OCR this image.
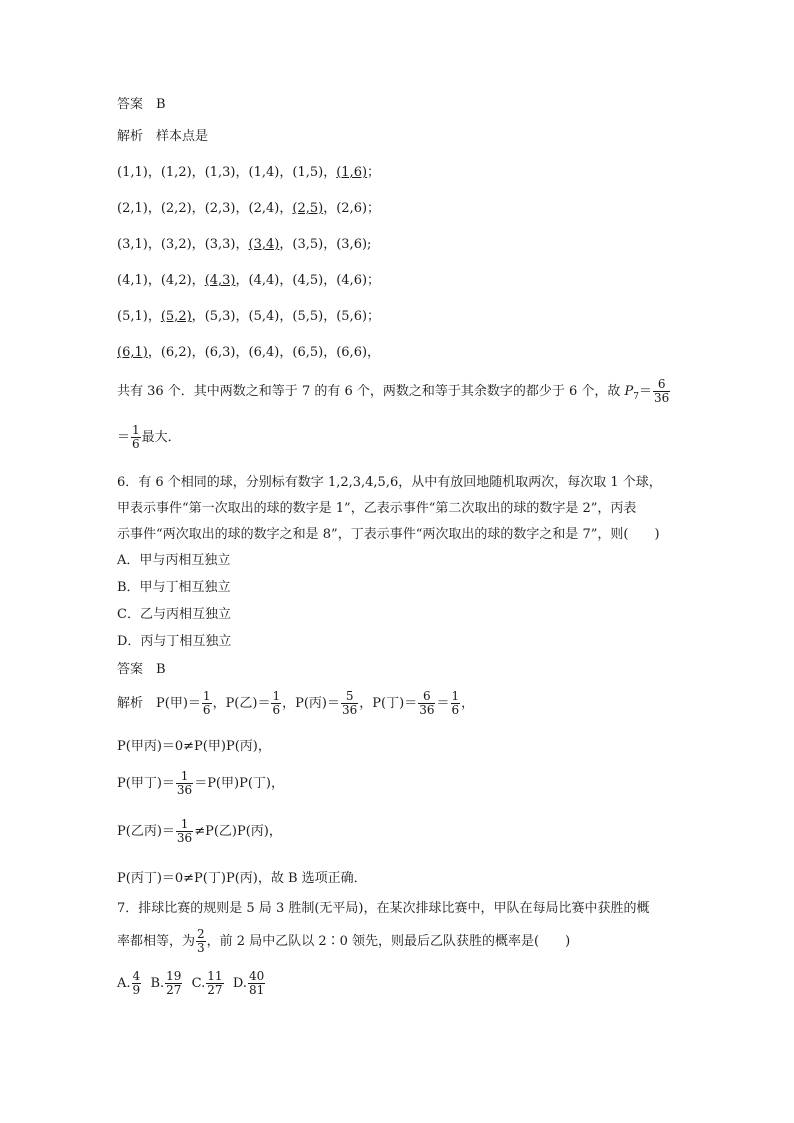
答案　B
解析　样本点是
(1,1)，(1,2)，(1,3)，(1,4)，(1,5)，(1,6)；
(2,1)，(2,2)，(2,3)，(2,4)，(2,5)，(2,6)；
(3,1)，(3,2)，(3,3)，(3,4)，(3,5)，(3,6);
(4,1)，(4,2)，(4,3)，(4,4)，(4,5)，(4,6)；
(5,1)，(5,2)，(5,3)，(5,4)，(5,5)，(5,6)；
(6,1)，(6,2)，(6,3)，(6,4)，(6,5)，(6,6)，
共有 36 个．其中两数之和等于 7 的有 6 个，两数之和等于其余数字的都少于 6 个，故 $P_7= \frac{6}{36}$
＝ $\frac{1}{6}$ 最大．
6．有 6 个相同的球，分别标有数字 1,2,3,4,5,6，从中有放回地随机取两次，每次取 1 个球，
甲表示事件“第一次取出的球的数字是 1”，乙表示事件“第二次取出的球的数字是 2”，丙表
示事件“两次取出的球的数字之和是 8”，丁表示事件“两次取出的球的数字之和是 7”，则(　　)
A．甲与丙相互独立
B．甲与丁相互独立
C．乙与丙相互独立
D．丙与丁相互独立
答案　B
解析　P(甲)＝ $\frac{1}{6}$ ，P(乙)＝ $\frac{1}{6}$ ，P(丙)＝ $\frac{5}{36}$ ，P(丁)＝ $\frac{6}{36} = \frac{1}{6}$ ，
P(甲丙)＝0≠P(甲)P(丙)，
P(甲丁)＝ $\frac{1}{36} =P$(甲)P(丁)，
P(乙丙)＝ $\frac{1}{36} \ne P$(乙)P(丙)，
P(丙丁)＝0≠P(丁)P(丙)，故 B 选项正确．
7．排球比赛的规则是 5 局 3 胜制(无平局)，在某次排球比赛中，甲队在每局比赛中获胜的概
率都相等，为 $\frac{2}{3}$ ，前 2 局中乙队以 2∶0 领先，则最后乙队获胜的概率是(　　)
A. $\frac{4}{9} B$. $\frac{19}{27} C$. $\frac{11}{27} D$. $\frac{40}{81}$
